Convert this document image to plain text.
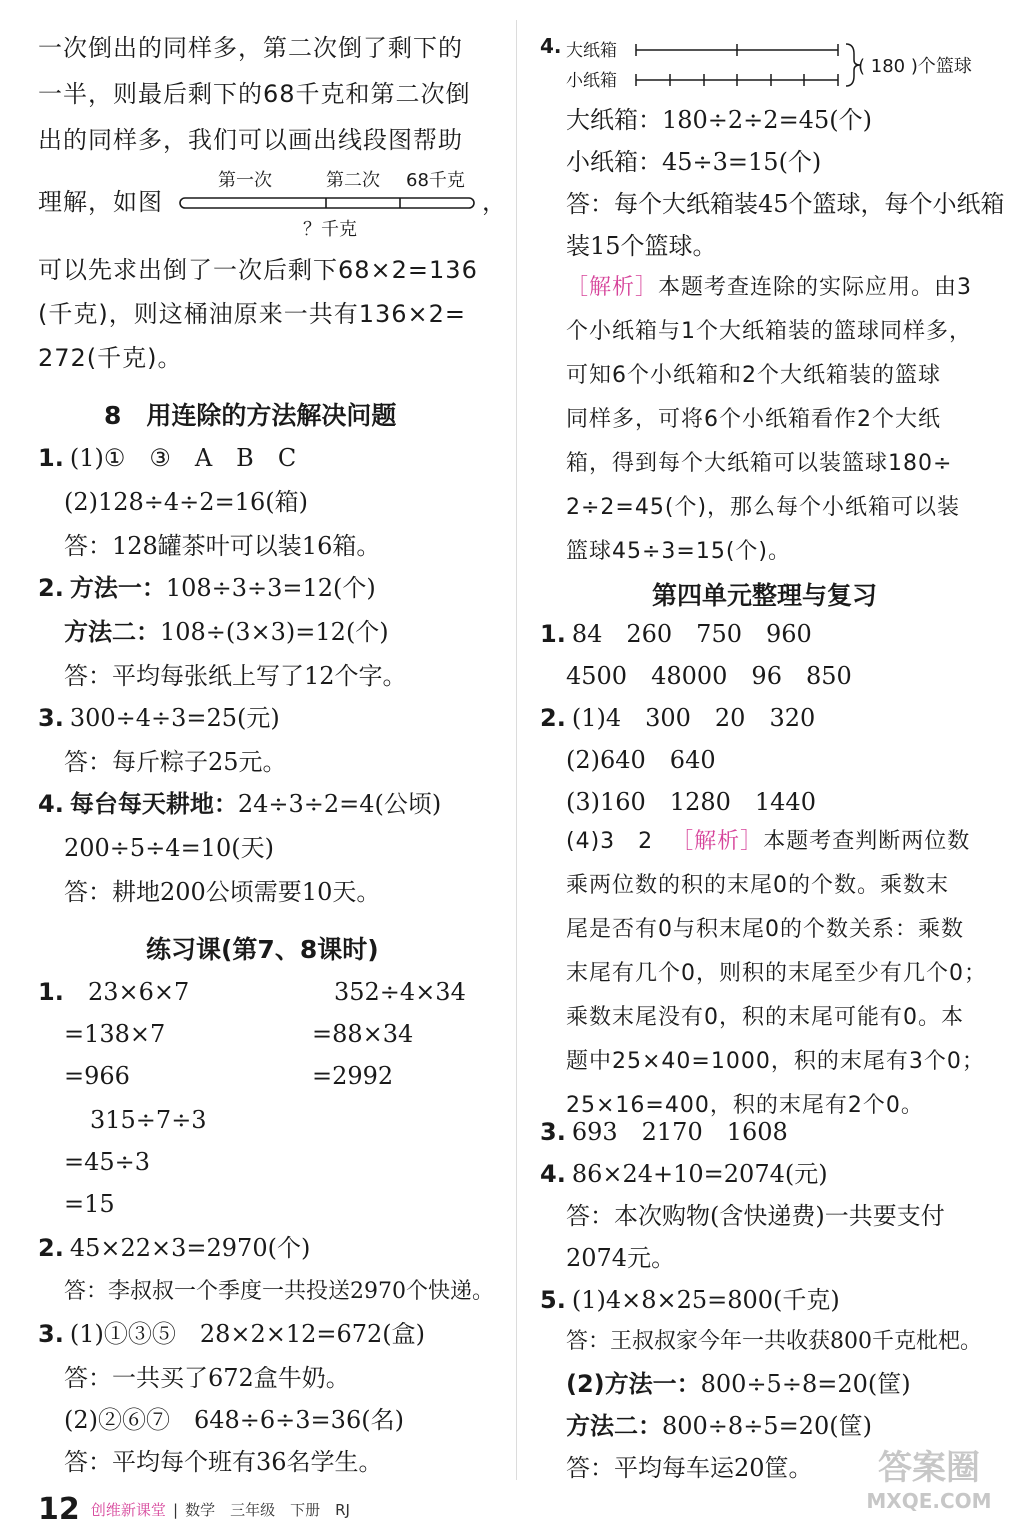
一次倒出的同样多，第二次倒了剩下的
一半，则最后剩下的68千克和第二次倒
出的同样多，我们可以画出线段图帮助
理解，如图
第一次	第二次 68千克
？千克
，
可以先求出倒了一次后剩下68×2=136
(千克)，则这桶油原来一共有136×2=
272(千克)。
8　用连除的方法解决问题
1. (1)①　③　A　B　C
(2)128÷4÷2=16(箱)
答：128罐茶叶可以装16箱。
2. 方法一：108÷3÷3=12(个)
方法二：108÷(3×3)=12(个)
答：平均每张纸上写了12个字。
3. 300÷4÷3=25(元)
答：每斤粽子25元。
4. 每台每天耕地：24÷3÷2=4(公顷)
200÷5÷4=10(天)
答：耕地200公顷需要10天。
练习课(第7、8课时)
1. 23×6×7
=138×7
=966
352÷4×34
=88×34
=2992
315÷7÷3
=45÷3
=15
2. 45×22×3=2970(个)
答：李叔叔一个季度一共投送2970个快递。
3. (1)①③⑤　28×2×12=672(盒)
答：一共买了672盒牛奶。
(2)②⑥⑦　648÷6÷3=36(名)
答：平均每个班有36名学生。
4. 大纸箱
小纸箱
( 180 )个篮球
大纸箱：180÷2÷2=45(个)
小纸箱：45÷3=15(个)
答：每个大纸箱装45个篮球，每个小纸箱
装15个篮球。
［解析］本题考查连除的实际应用。由3
个小纸箱与1个大纸箱装的篮球同样多，
可知6个小纸箱和2个大纸箱装的篮球
同样多，可将6个小纸箱看作2个大纸
箱，得到每个大纸箱可以装篮球180÷
2÷2=45(个)，那么每个小纸箱可以装
篮球45÷3=15(个)。
第四单元整理与复习
1. 84　260　750　960
4500　48000　96　850
2. (1)4　300　20　320
(2)640　640
(3)160　1280　1440
(4)3　2 ［解析］本题考查判断两位数
乘两位数的积的末尾0的个数。乘数末
尾是否有0与积末尾0的个数关系：乘数
末尾有几个0，则积的末尾至少有几个0；
乘数末尾没有0，积的末尾可能有0。本
题中25×40=1000，积的末尾有3个0；
25×16=400，积的末尾有2个0。
3. 693　2170　1608
4. 86×24+10=2074(元)
答：本次购物(含快递费)一共要支付
2074元。
5. (1)4×8×25=800(千克)
答：王叔叔家今年一共收获800千克枇杷。
(2)方法一：800÷5÷8=20(筐)
方法二：800÷8÷5=20(筐)
答：平均每车运20筐。	答案圈
MXQE.COM
12 创维新课堂 | 数学　三年级　下册　RJ
